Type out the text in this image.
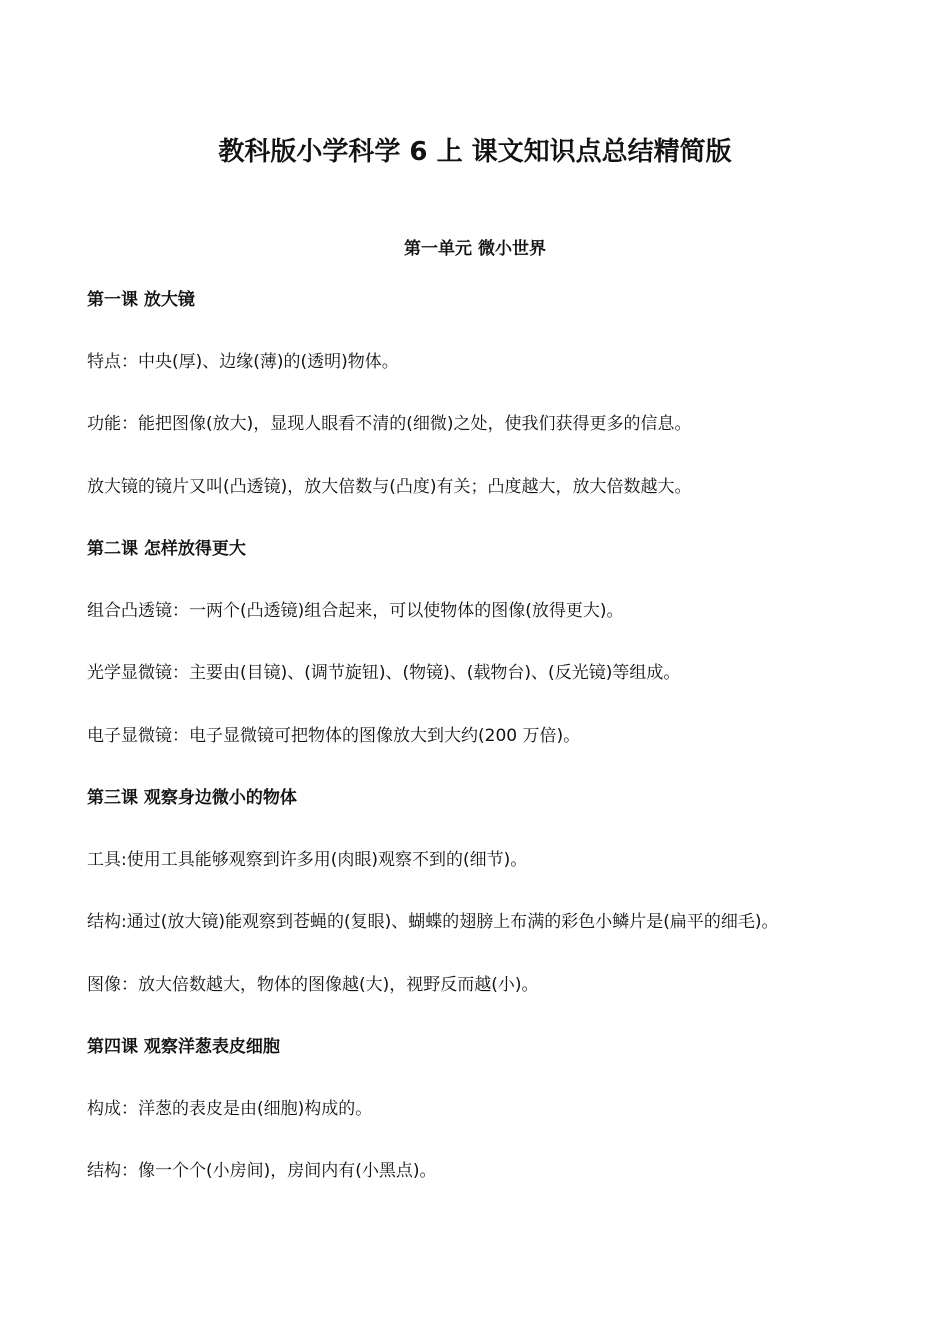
教科版小学科学 6 上 课文知识点总结精简版
第一单元 微小世界
第一课 放大镜
特点：中央(厚)、边缘(薄)的(透明)物体。
功能：能把图像(放大)，显现人眼看不清的(细微)之处，使我们获得更多的信息。
放大镜的镜片又叫(凸透镜)，放大倍数与(凸度)有关；凸度越大，放大倍数越大。
第二课 怎样放得更大
组合凸透镜：一两个(凸透镜)组合起来，可以使物体的图像(放得更大)。
光学显微镜：主要由(目镜)、(调节旋钮)、(物镜)、(载物台)、(反光镜)等组成。
电子显微镜：电子显微镜可把物体的图像放大到大约(200 万倍)。
第三课 观察身边微小的物体
工具:使用工具能够观察到许多用(肉眼)观察不到的(细节)。
结构:通过(放大镜)能观察到苍蝇的(复眼)、蝴蝶的翅膀上布满的彩色小鳞片是(扁平的细毛)。
图像：放大倍数越大，物体的图像越(大)，视野反而越(小)。
第四课 观察洋葱表皮细胞
构成：洋葱的表皮是由(细胞)构成的。
结构：像一个个(小房间)，房间内有(小黑点)。
